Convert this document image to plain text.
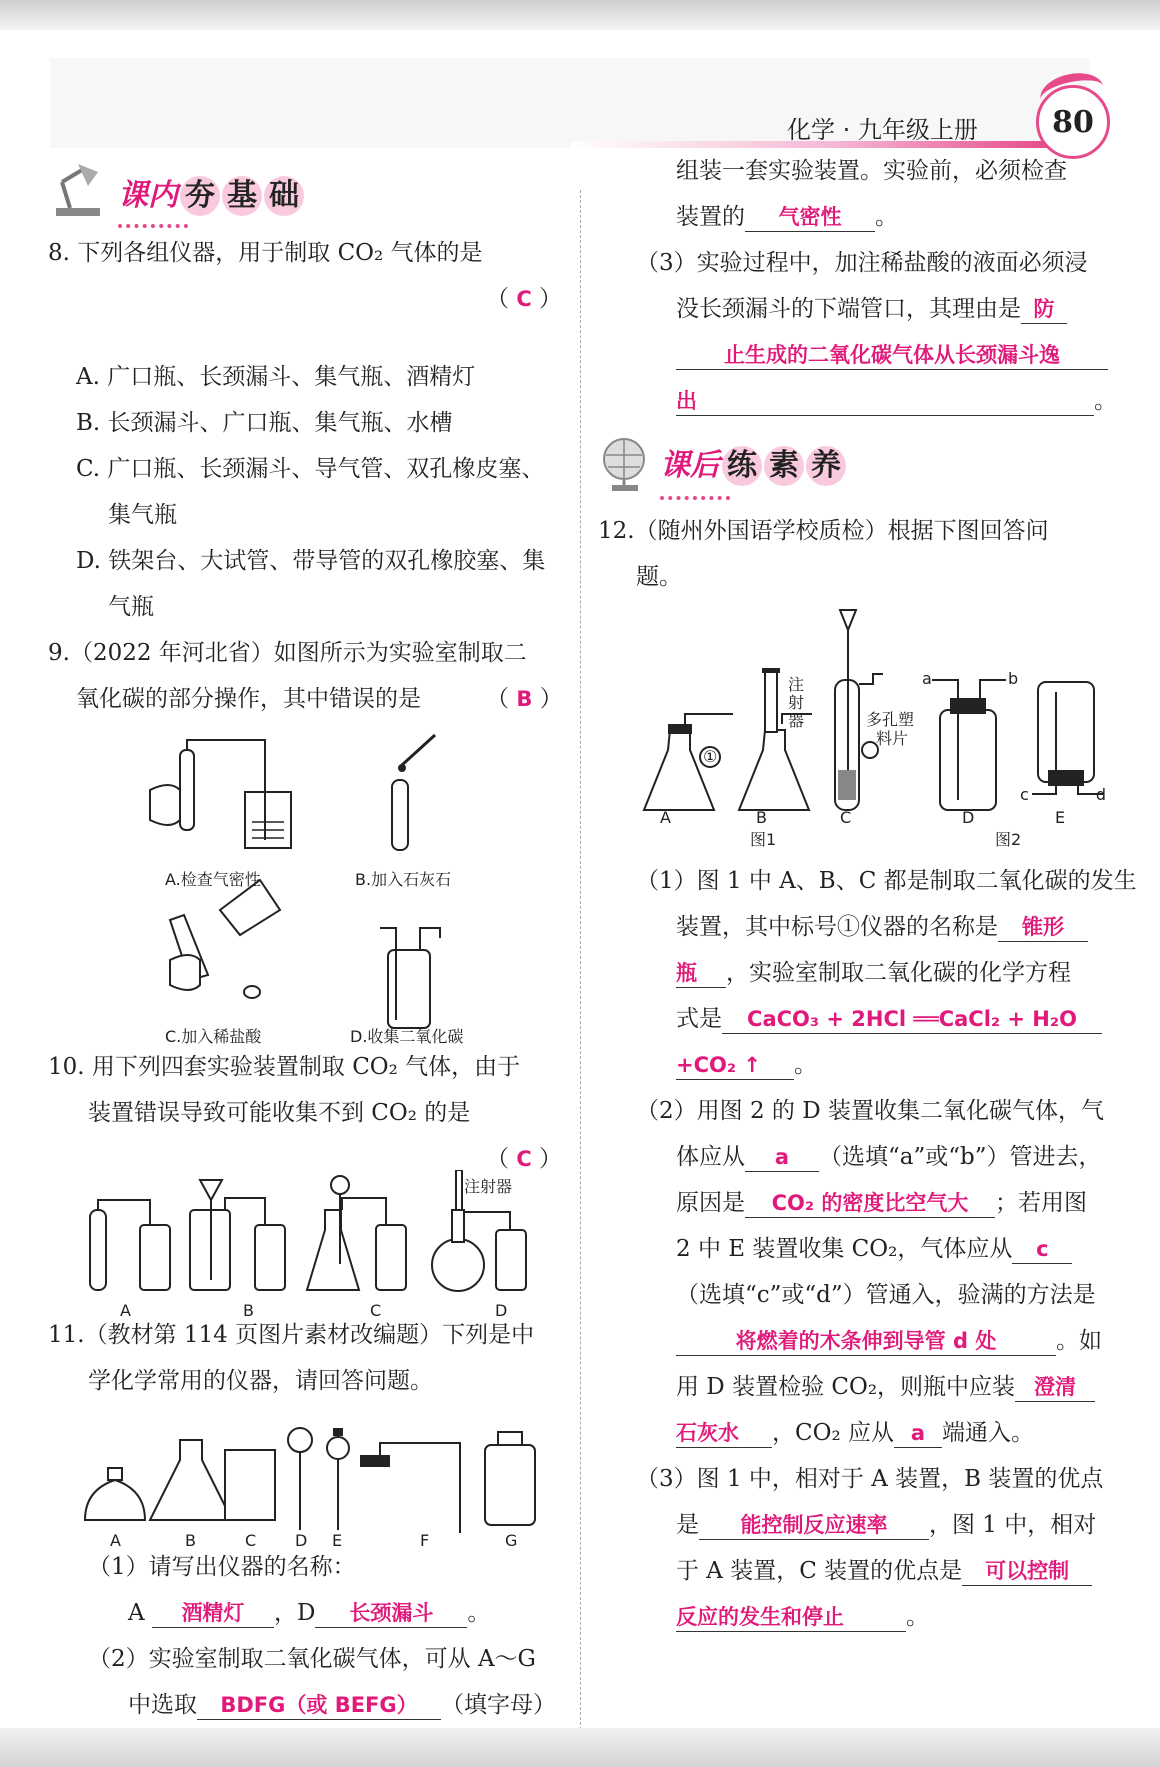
化学 · 九年级上册	80
课内 夯 基 础
8. 下列各组仪器，用于制取 CO₂ 气体的是
（ C ）
A. 广口瓶、长颈漏斗、集气瓶、酒精灯
B. 长颈漏斗、广口瓶、集气瓶、水槽
C. 广口瓶、长颈漏斗、导气管、双孔橡皮塞、
集气瓶
D. 铁架台、大试管、带导管的双孔橡胶塞、集
气瓶
9.（2022 年河北省）如图所示为实验室制取二
氧化碳的部分操作，其中错误的是	（ B ）
A.检查气密性	B.加入石灰石
C.加入稀盐酸	D.收集二氧化碳
10. 用下列四套实验装置制取 CO₂ 气体，由于
装置错误导致可能收集不到 CO₂ 的是
（ C ）
注射器
A	B	C	D
11.（教材第 114 页图片素材改编题）下列是中
学化学常用的仪器，请回答问题。
A	B	C D E	F	G
（1）请写出仪器的名称：
A 酒精灯 ，D 长颈漏斗 。
（2）实验室制取二氧化碳气体，可从 A～G
中选取 BDFG（或 BEFG） （填字母）
组装一套实验装置。实验前，必须检查
装置的 气密性 。
（3）实验过程中，加注稀盐酸的液面必须浸
没长颈漏斗的下端管口，其理由是 防
止生成的二氧化碳气体从长颈漏斗逸
出	。
课后 练 素 养
12.（随州外国语学校质检）根据下图回答问
题。
①
注
射
器	多孔塑
料片
a	b
c	d
A	B	C	D	E
图1	图2
（1）图 1 中 A、B、C 都是制取二氧化碳的发生
装置，其中标号①仪器的名称是 锥形
瓶 ，实验室制取二氧化碳的化学方程
式是 CaCO₃ + 2HCl ══CaCl₂ + H₂O
+CO₂ ↑ 。
（2）用图 2 的 D 装置收集二氧化碳气体，气
体应从 a （选填“a”或“b”）管进去，
原因是 CO₂ 的密度比空气大 ；若用图
2 中 E 装置收集 CO₂，气体应从 c
（选填“c”或“d”）管通入，验满的方法是
将燃着的木条伸到导管 d 处	。如
用 D 装置检验 CO₂，则瓶中应装 澄清
石灰水 ，CO₂ 应从 a 端通入。
（3）图 1 中，相对于 A 装置，B 装置的优点
是 能控制反应速率 ，图 1 中，相对
于 A 装置，C 装置的优点是 可以控制
反应的发生和停止	。
